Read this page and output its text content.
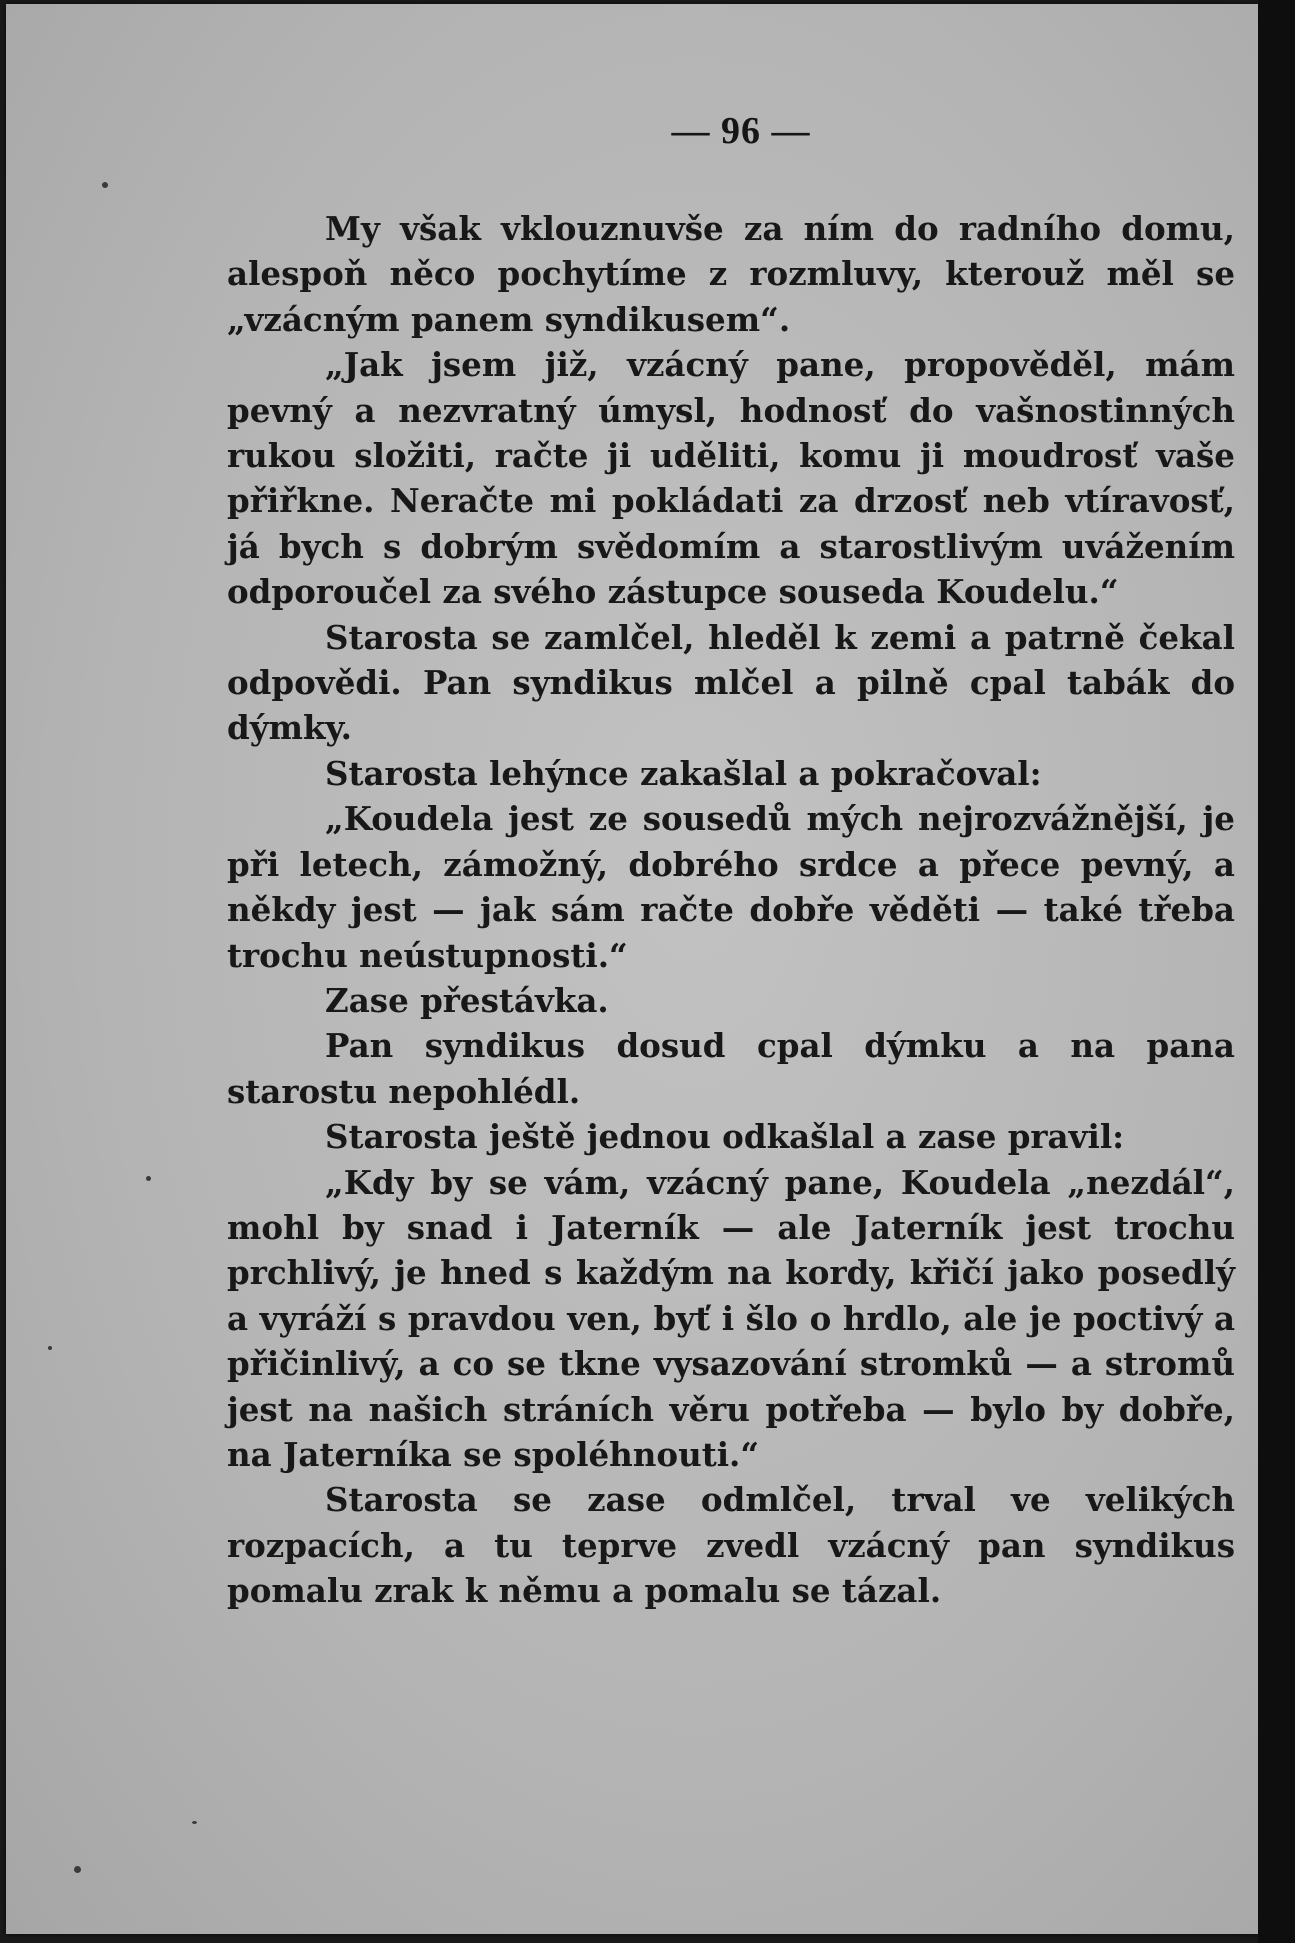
— 96 —

My však vklouznuvše za ním do radního domu, alespoň něco pochytíme z rozmluvy, kterouž měl se „vzácným panem syndikusem“.

„Jak jsem již, vzácný pane, propověděl, mám pevný a nezvratný úmysl, hodnosť do vašnostinných rukou složiti, račte ji uděliti, komu ji moudrosť vaše přiřkne. Neračte mi pokládati za drzosť neb vtíravosť, já bych s dobrým svědomím a starostlivým uvážením odporoučel za svého zástupce souseda Koudelu.“

Starosta se zamlčel, hleděl k zemi a patrně čekal odpovědi. Pan syndikus mlčel a pilně cpal tabák do dýmky.

Starosta lehýnce zakašlal a pokračoval:

„Koudela jest ze sousedů mých nejrozvážnější, je při letech, zámožný, dobrého srdce a přece pevný, a někdy jest — jak sám račte dobře věděti — také třeba trochu neústupnosti.“

Zase přestávka.

Pan syndikus dosud cpal dýmku a na pana starostu nepohlédl.

Starosta ještě jednou odkašlal a zase pravil:

„Kdy by se vám, vzácný pane, Koudela „nezdál“, mohl by snad i Jaterník — ale Jaterník jest trochu prchlivý, je hned s každým na kordy, křičí jako posedlý a vyráží s pravdou ven, byť i šlo o hrdlo, ale je poctivý a přičinlivý, a co se tkne vysazování stromků — a stromů jest na našich stráních věru potřeba — bylo by dobře, na Jaterníka se spoléhnouti.“

Starosta se zase odmlčel, trval ve velikých rozpacích, a tu teprve zvedl vzácný pan syndikus pomalu zrak k němu a pomalu se tázal.
